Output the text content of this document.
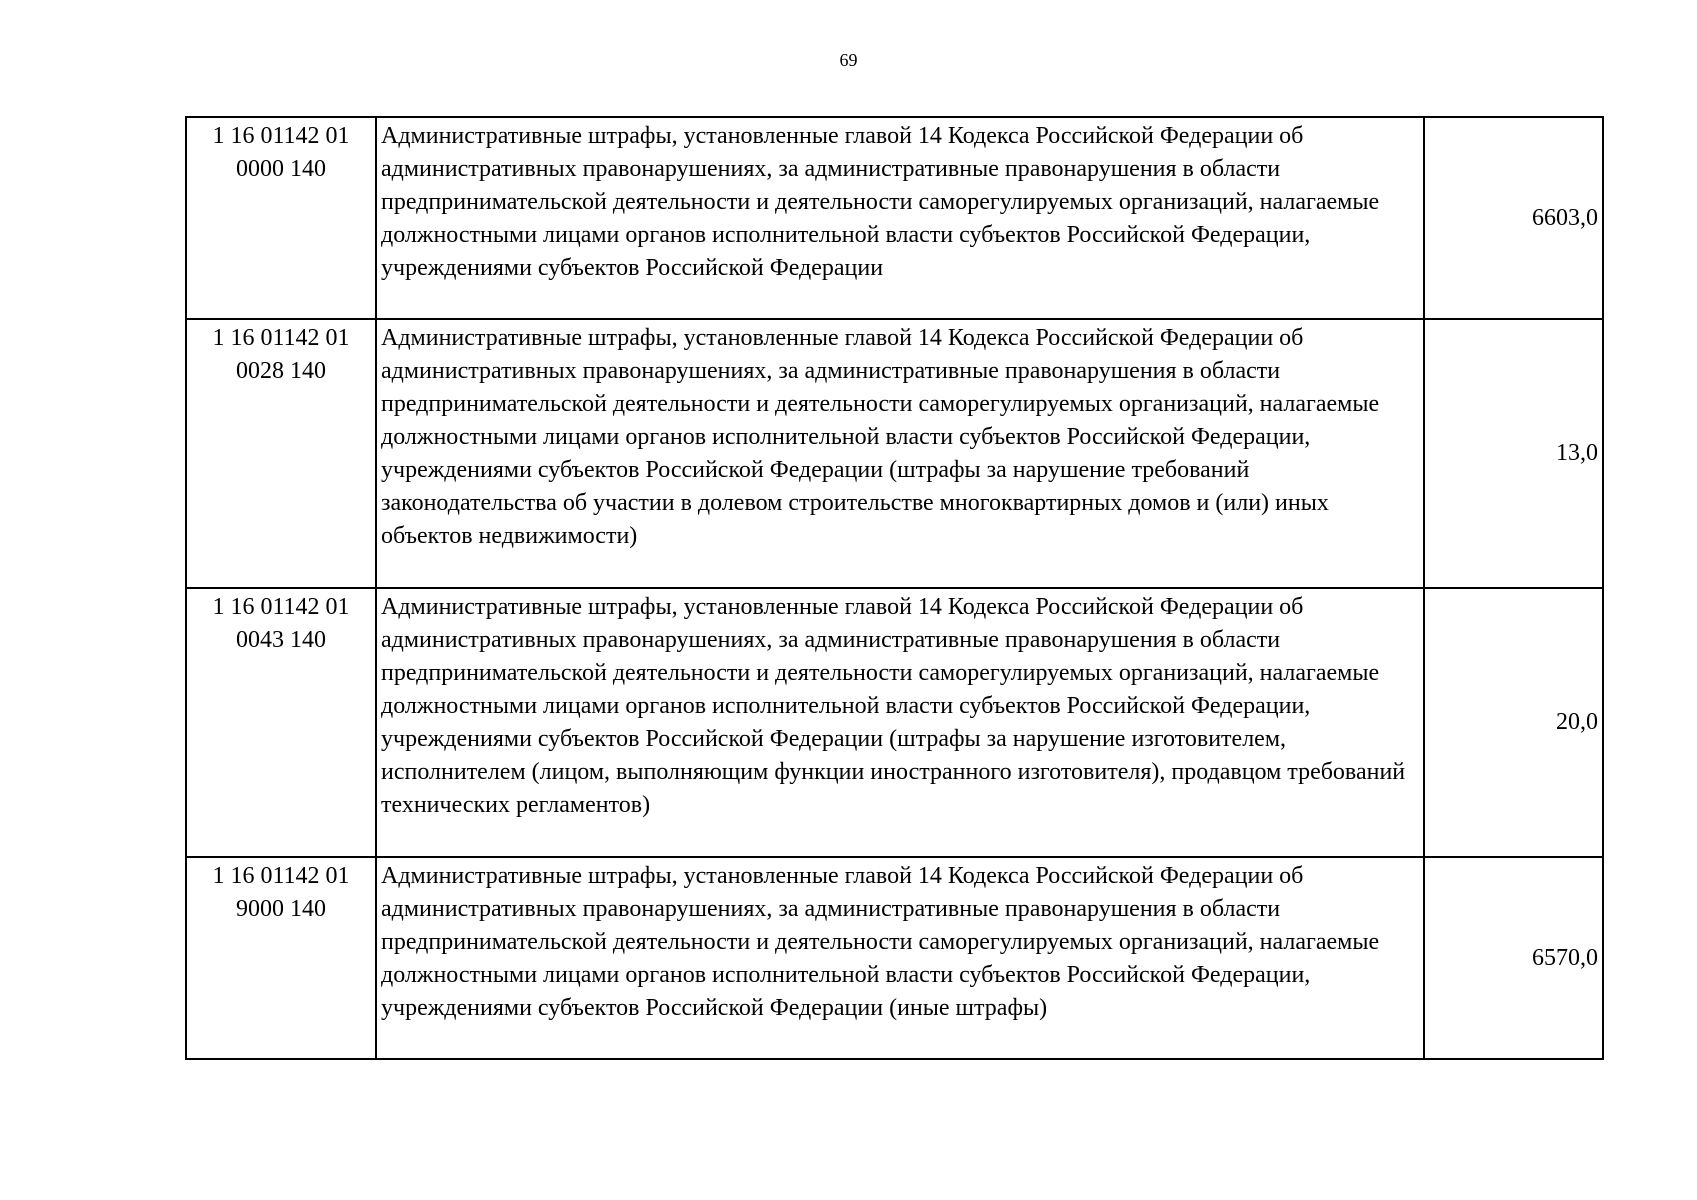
69
1 16 01142 01 0000 140	Административные штрафы, установленные главой 14 Кодекса Российской Федерации об административных правонарушениях, за административные правонарушения в области предпринимательской деятельности и деятельности саморегулируемых организаций, налагаемые должностными лицами органов исполнительной власти субъектов Российской Федерации, учреждениями субъектов Российской Федерации	6603,0
1 16 01142 01 0028 140	Административные штрафы, установленные главой 14 Кодекса Российской Федерации об административных правонарушениях, за административные правонарушения в области предпринимательской деятельности и деятельности саморегулируемых организаций, налагаемые должностными лицами органов исполнительной власти субъектов Российской Федерации, учреждениями субъектов Российской Федерации (штрафы за нарушение требований законодательства об участии в долевом строительстве многоквартирных домов и (или) иных объектов недвижимости)	13,0
1 16 01142 01 0043 140	Административные штрафы, установленные главой 14 Кодекса Российской Федерации об административных правонарушениях, за административные правонарушения в области предпринимательской деятельности и деятельности саморегулируемых организаций, налагаемые должностными лицами органов исполнительной власти субъектов Российской Федерации, учреждениями субъектов Российской Федерации (штрафы за нарушение изготовителем, исполнителем (лицом, выполняющим функции иностранного изготовителя), продавцом требований технических регламентов)	20,0
1 16 01142 01 9000 140	Административные штрафы, установленные главой 14 Кодекса Российской Федерации об административных правонарушениях, за административные правонарушения в области предпринимательской деятельности и деятельности саморегулируемых организаций, налагаемые должностными лицами органов исполнительной власти субъектов Российской Федерации, учреждениями субъектов Российской Федерации (иные штрафы)	6570,0
